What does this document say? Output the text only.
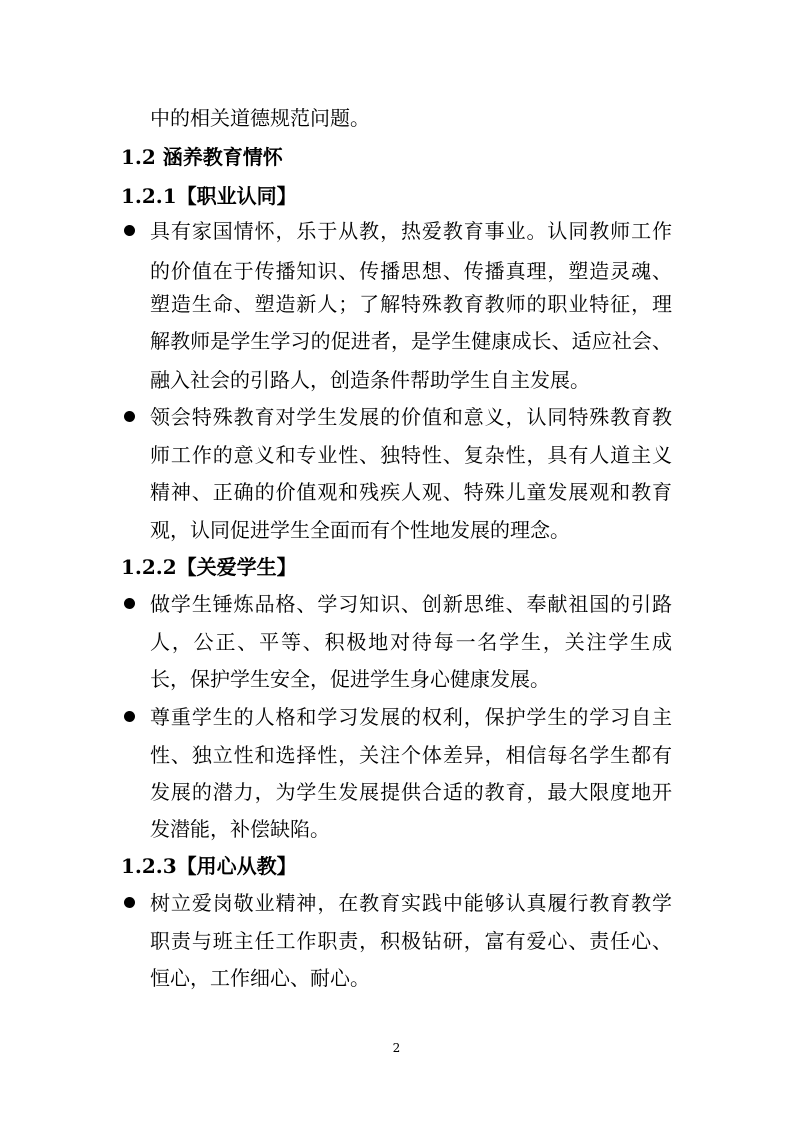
中的相关道德规范问题。
1.2 涵养教育情怀
1.2.1【职业认同】
具有家国情怀，乐于从教，热爱教育事业。认同教师工作
的价值在于传播知识、传播思想、传播真理，塑造灵魂、
塑造生命、塑造新人；了解特殊教育教师的职业特征，理
解教师是学生学习的促进者，是学生健康成长、适应社会、
融入社会的引路人，创造条件帮助学生自主发展。
领会特殊教育对学生发展的价值和意义，认同特殊教育教
师工作的意义和专业性、独特性、复杂性，具有人道主义
精神、正确的价值观和残疾人观、特殊儿童发展观和教育
观，认同促进学生全面而有个性地发展的理念。
1.2.2【关爱学生】
做学生锤炼品格、学习知识、创新思维、奉献祖国的引路
人，公正、平等、积极地对待每一名学生，关注学生成
长，保护学生安全，促进学生身心健康发展。
尊重学生的人格和学习发展的权利，保护学生的学习自主
性、独立性和选择性，关注个体差异，相信每名学生都有
发展的潜力，为学生发展提供合适的教育，最大限度地开
发潜能，补偿缺陷。
1.2.3【用心从教】
树立爱岗敬业精神，在教育实践中能够认真履行教育教学
职责与班主任工作职责，积极钻研，富有爱心、责任心、
恒心，工作细心、耐心。
2
